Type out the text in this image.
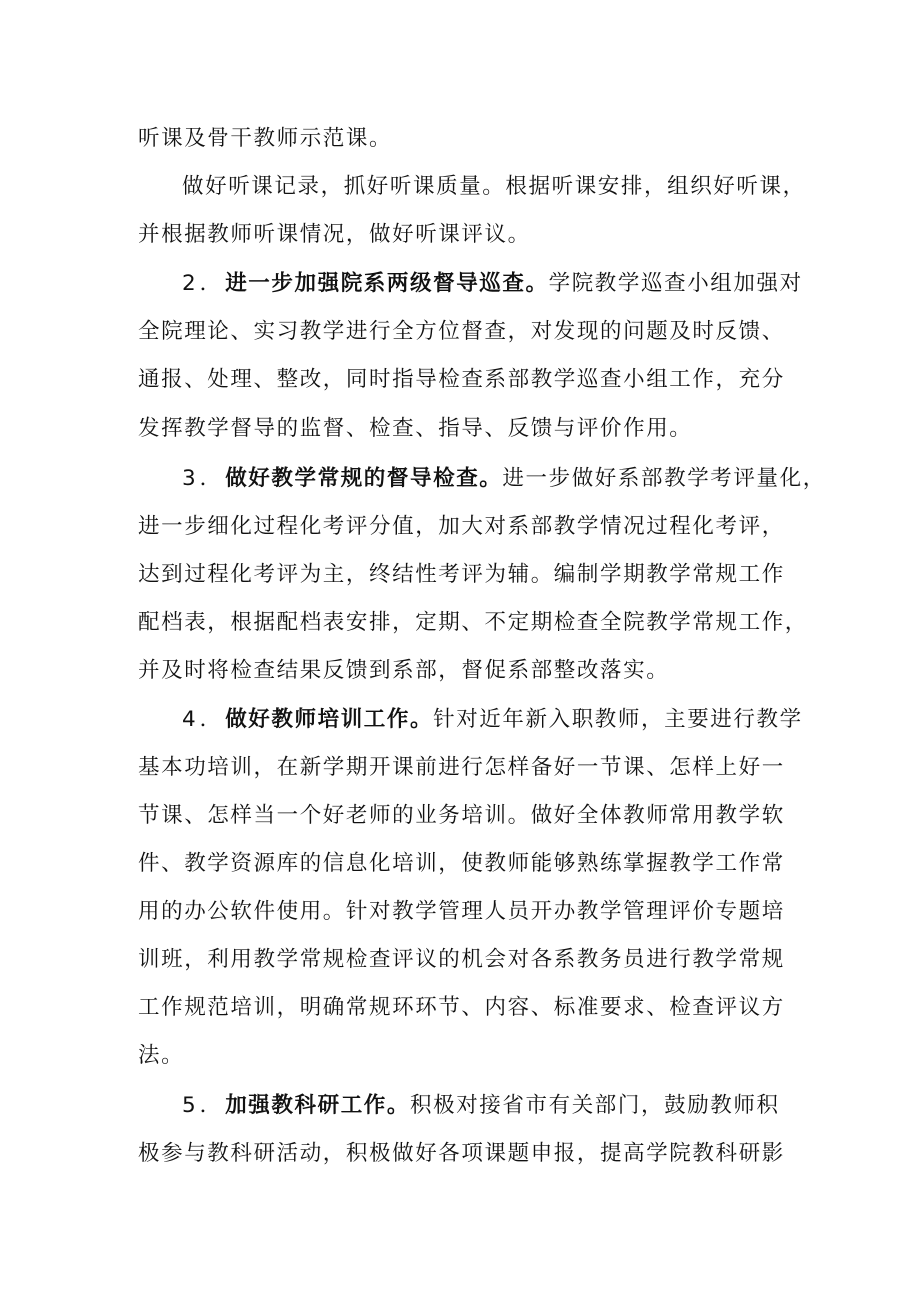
听课及骨干教师示范课。
做好听课记录，抓好听课质量。根据听课安排，组织好听课，
并根据教师听课情况，做好听课评议。
2．进一步加强院系两级督导巡查。学院教学巡查小组加强对
全院理论、实习教学进行全方位督查，对发现的问题及时反馈、
通报、处理、整改，同时指导检查系部教学巡查小组工作，充分
发挥教学督导的监督、检查、指导、反馈与评价作用。
3．做好教学常规的督导检查。进一步做好系部教学考评量化，
进一步细化过程化考评分值，加大对系部教学情况过程化考评，
达到过程化考评为主，终结性考评为辅。编制学期教学常规工作
配档表，根据配档表安排，定期、不定期检查全院教学常规工作，
并及时将检查结果反馈到系部，督促系部整改落实。
4．做好教师培训工作。针对近年新入职教师，主要进行教学
基本功培训，在新学期开课前进行怎样备好一节课、怎样上好一
节课、怎样当一个好老师的业务培训。做好全体教师常用教学软
件、教学资源库的信息化培训，使教师能够熟练掌握教学工作常
用的办公软件使用。针对教学管理人员开办教学管理评价专题培
训班，利用教学常规检查评议的机会对各系教务员进行教学常规
工作规范培训，明确常规环环节、内容、标准要求、检查评议方
法。
5．加强教科研工作。积极对接省市有关部门，鼓励教师积
极参与教科研活动，积极做好各项课题申报，提高学院教科研影
